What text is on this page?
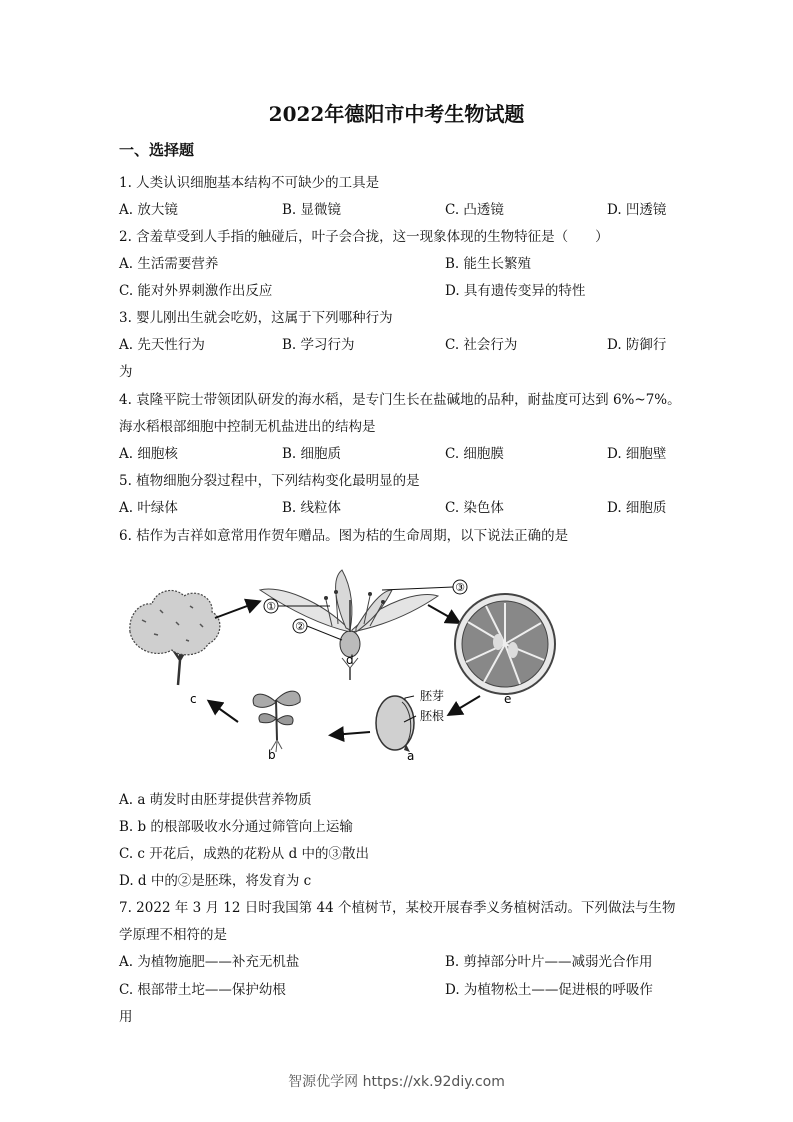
2022年德阳市中考生物试题
一、选择题
1. 人类认识细胞基本结构不可缺少的工具是
A. 放大镜	B. 显微镜	C. 凸透镜	D. 凹透镜
2. 含羞草受到人手指的触碰后，叶子会合拢，这一现象体现的生物特征是（　　）
A. 生活需要营养	B. 能生长繁殖
C. 能对外界刺激作出反应	D. 具有遗传变异的特性
3. 婴儿刚出生就会吃奶，这属于下列哪种行为
A. 先天性行为	B. 学习行为	C. 社会行为	D. 防御行
为
4. 袁隆平院士带领团队研发的海水稻，是专门生长在盐碱地的品种，耐盐度可达到 6%~7%。
海水稻根部细胞中控制无机盐进出的结构是
A. 细胞核	B. 细胞质	C. 细胞膜	D. 细胞壁
5. 植物细胞分裂过程中，下列结构变化最明显的是
A. 叶绿体	B. 线粒体	C. 染色体	D. 细胞质
6. 桔作为吉祥如意常用作贺年赠品。图为桔的生命周期，以下说法正确的是
c
①
②
③
d
e
胚芽
胚根
a
b
A. a 萌发时由胚芽提供营养物质
B. b 的根部吸收水分通过筛管向上运输
C. c 开花后，成熟的花粉从 d 中的③散出
D. d 中的②是胚珠，将发育为 c
7. 2022 年 3 月 12 日时我国第 44 个植树节，某校开展春季义务植树活动。下列做法与生物
学原理不相符的是
A. 为植物施肥——补充无机盐	B. 剪掉部分叶片——减弱光合作用
C. 根部带土坨——保护幼根	D. 为植物松土——促进根的呼吸作
用
智源优学网 https://xk.92diy.com
